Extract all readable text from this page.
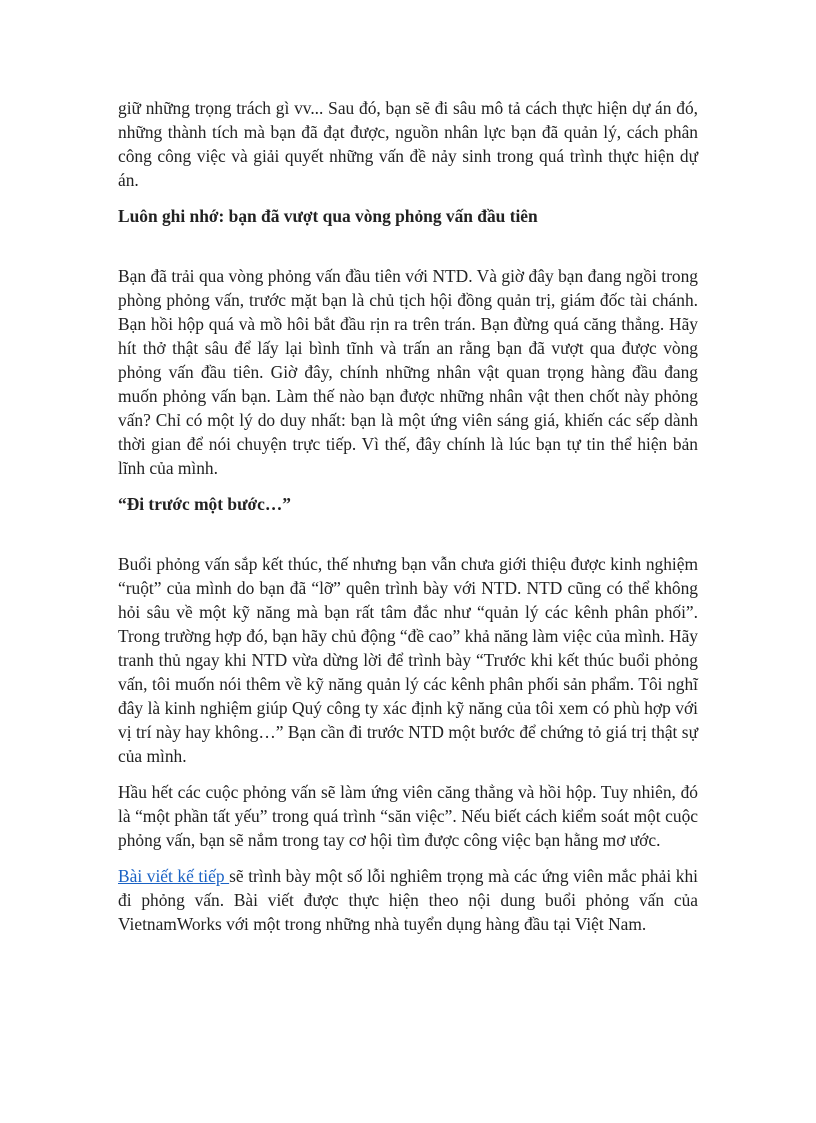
giữ những trọng trách gì vv... Sau đó, bạn sẽ đi sâu mô tả cách thực hiện dự án đó, những thành tích mà bạn đã đạt được, nguồn nhân lực bạn đã quản lý, cách phân công công việc và giải quyết những vấn đề nảy sinh trong quá trình thực hiện dự án.

Luôn ghi nhớ: bạn đã vượt qua vòng phỏng vấn đầu tiên

Bạn đã trải qua vòng phỏng vấn đầu tiên với NTD. Và giờ đây bạn đang ngồi trong phòng phỏng vấn, trước mặt bạn là chủ tịch hội đồng quản trị, giám đốc tài chánh. Bạn hồi hộp quá và mồ hôi bắt đầu rịn ra trên trán. Bạn đừng quá căng thẳng. Hãy hít thở thật sâu để lấy lại bình tĩnh và trấn an rằng bạn đã vượt qua được vòng phỏng vấn đầu tiên. Giờ đây, chính những nhân vật quan trọng hàng đầu đang muốn phỏng vấn bạn. Làm thế nào bạn được những nhân vật then chốt này phỏng vấn? Chỉ có một lý do duy nhất: bạn là một ứng viên sáng giá, khiến các sếp dành thời gian để nói chuyện trực tiếp. Vì thế, đây chính là lúc bạn tự tin thể hiện bản lĩnh của mình.

“Đi trước một bước…”

Buổi phỏng vấn sắp kết thúc, thế nhưng bạn vẫn chưa giới thiệu được kinh nghiệm “ruột” của mình do bạn đã “lỡ” quên trình bày với NTD. NTD cũng có thể không hỏi sâu về một kỹ năng mà bạn rất tâm đắc như “quản lý các kênh phân phối”. Trong trường hợp đó, bạn hãy chủ động “đề cao” khả năng làm việc của mình. Hãy tranh thủ ngay khi NTD vừa dừng lời để trình bày “Trước khi kết thúc buổi phỏng vấn, tôi muốn nói thêm về kỹ năng quản lý các kênh phân phối sản phẩm. Tôi nghĩ đây là kinh nghiệm giúp Quý công ty xác định kỹ năng của tôi xem có phù hợp với vị trí này hay không…” Bạn cần đi trước NTD một bước để chứng tỏ giá trị thật sự của mình.

Hầu hết các cuộc phỏng vấn sẽ làm ứng viên căng thẳng và hồi hộp. Tuy nhiên, đó là “một phần tất yếu” trong quá trình “săn việc”. Nếu biết cách kiểm soát một cuộc phỏng vấn, bạn sẽ nắm trong tay cơ hội tìm được công việc bạn hằng mơ ước.

Bài viết kế tiếp sẽ trình bày một số lỗi nghiêm trọng mà các ứng viên mắc phải khi đi phỏng vấn. Bài viết được thực hiện theo nội dung buổi phỏng vấn của VietnamWorks với một trong những nhà tuyển dụng hàng đầu tại Việt Nam.
